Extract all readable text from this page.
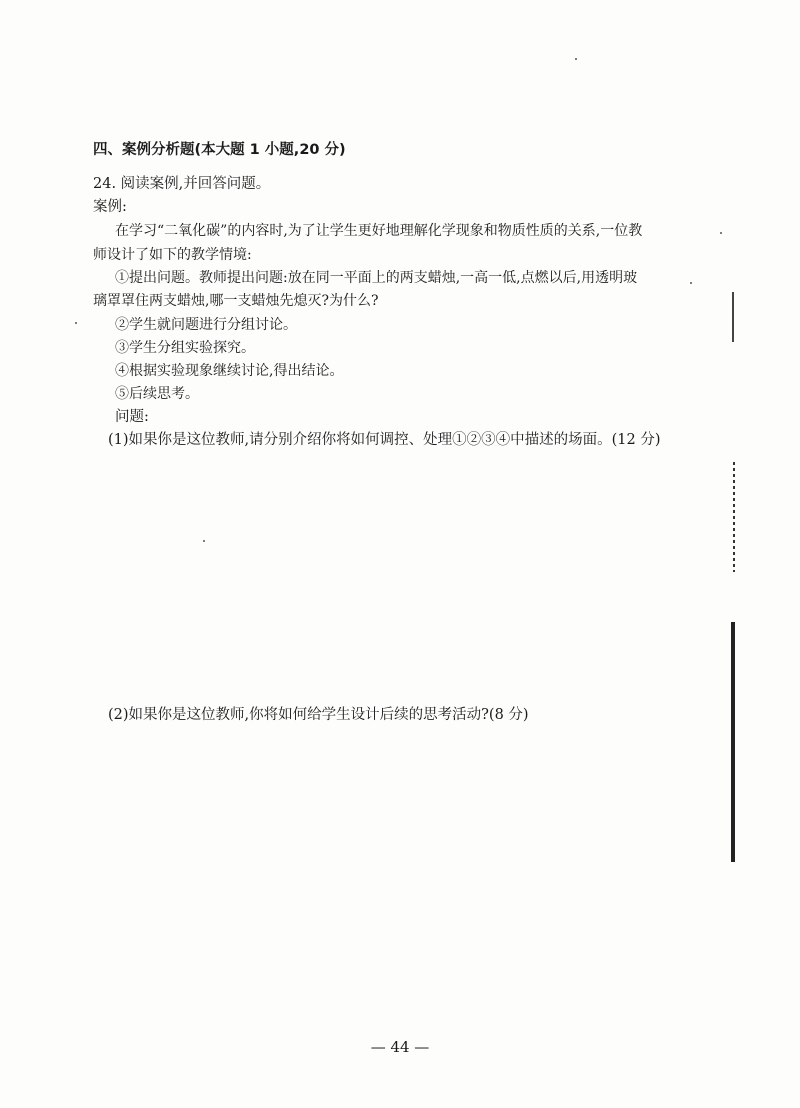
四、案例分析题(本大题 1 小题,20 分)
24. 阅读案例,并回答问题。
案例:
在学习“二氧化碳”的内容时,为了让学生更好地理解化学现象和物质性质的关系,一位教
师设计了如下的教学情境:
①提出问题。教师提出问题:放在同一平面上的两支蜡烛,一高一低,点燃以后,用透明玻
璃罩罩住两支蜡烛,哪一支蜡烛先熄灭?为什么?
②学生就问题进行分组讨论。
③学生分组实验探究。
④根据实验现象继续讨论,得出结论。
⑤后续思考。
问题:
(1)如果你是这位教师,请分别介绍你将如何调控、处理①②③④中描述的场面。(12 分)
(2)如果你是这位教师,你将如何给学生设计后续的思考活动?(8 分)
— 44 —
